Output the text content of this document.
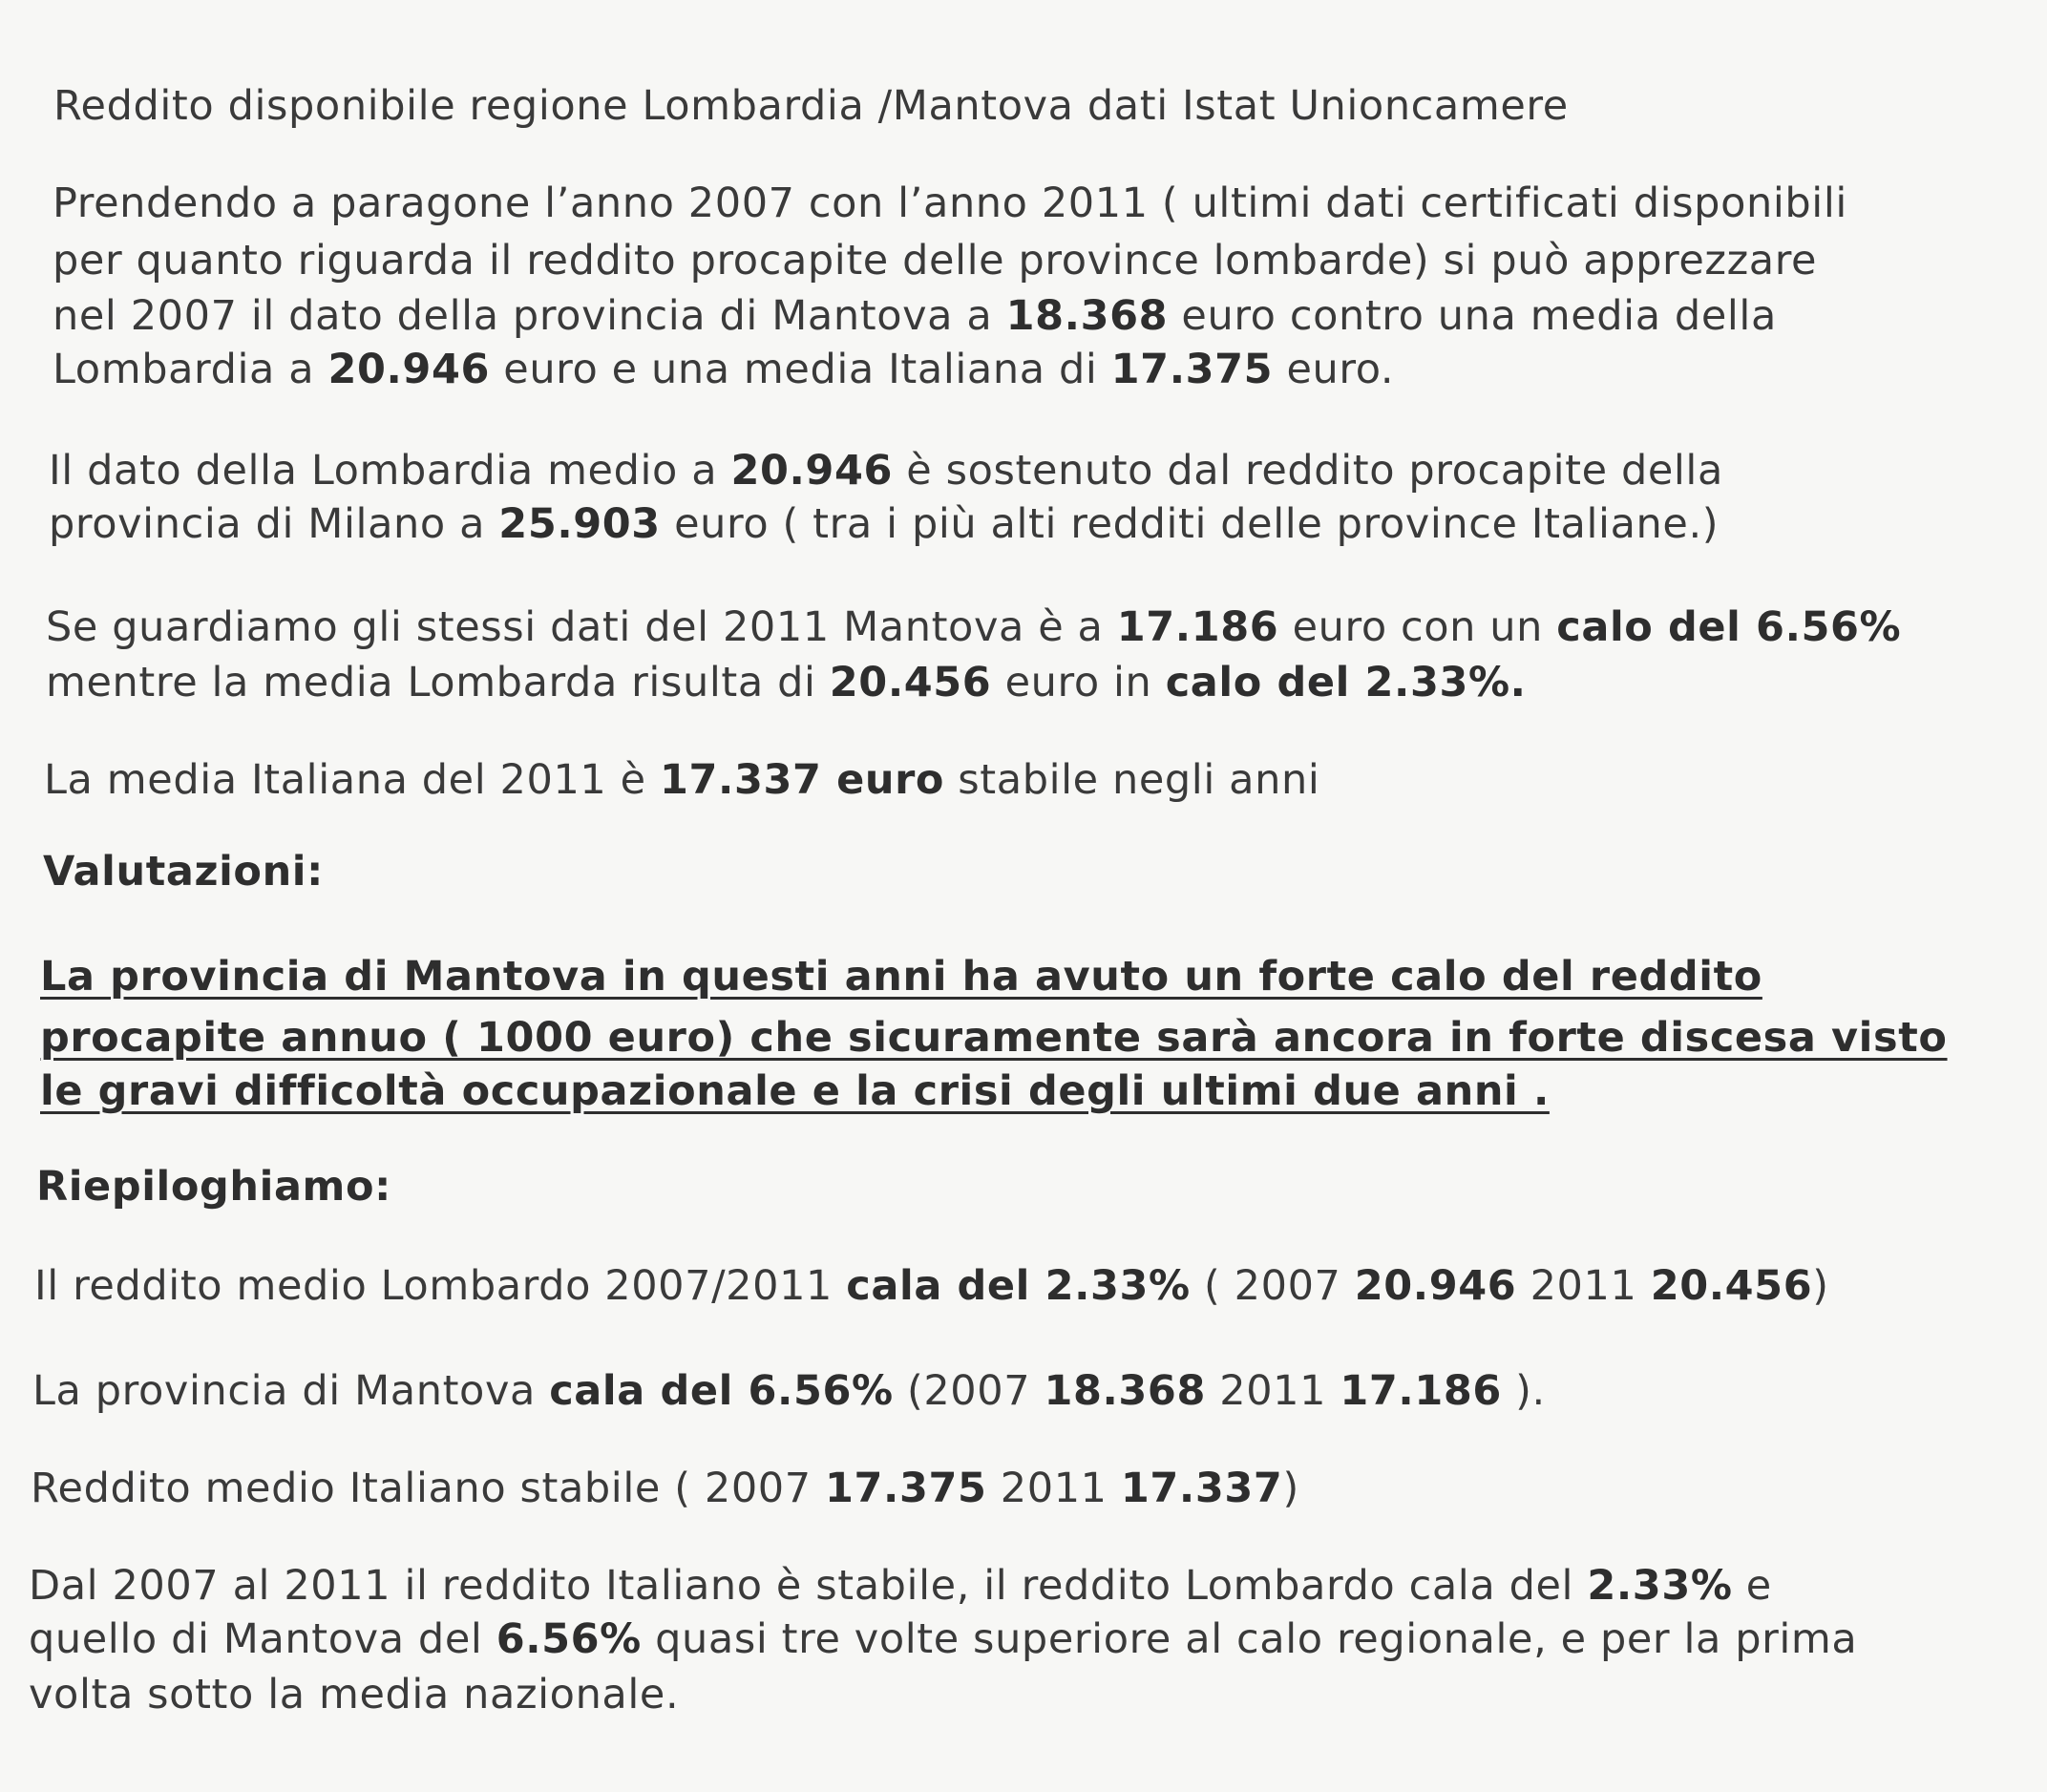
Reddito disponibile regione Lombardia /Mantova dati Istat Unioncamere
Prendendo a paragone l’anno 2007 con l’anno 2011 ( ultimi dati certificati disponibili
per quanto riguarda il reddito procapite delle province lombarde) si può apprezzare
nel 2007 il dato della provincia di Mantova a 18.368 euro contro una media della
Lombardia a 20.946 euro e una media Italiana di 17.375 euro.
Il dato della Lombardia medio a 20.946 è sostenuto dal reddito procapite della
provincia di Milano a 25.903 euro ( tra i più alti redditi delle province Italiane.)
Se guardiamo gli stessi dati del 2011 Mantova è a 17.186 euro con un calo del 6.56%
mentre la media Lombarda risulta di 20.456 euro in calo del 2.33%.
La media Italiana del 2011 è 17.337 euro stabile negli anni
Valutazioni:
La provincia di Mantova in questi anni ha avuto un forte calo del reddito
procapite annuo ( 1000 euro) che sicuramente sarà ancora in forte discesa visto
le gravi difficoltà occupazionale e la crisi degli ultimi due anni .
Riepiloghiamo:
Il reddito medio Lombardo 2007/2011 cala del 2.33% ( 2007 20.946 2011 20.456)
La provincia di Mantova cala del 6.56% (2007 18.368 2011 17.186 ).
Reddito medio Italiano stabile ( 2007 17.375 2011 17.337)
Dal 2007 al 2011 il reddito Italiano è stabile, il reddito Lombardo cala del 2.33% e
quello di Mantova del 6.56% quasi tre volte superiore al calo regionale, e per la prima
volta sotto la media nazionale.
